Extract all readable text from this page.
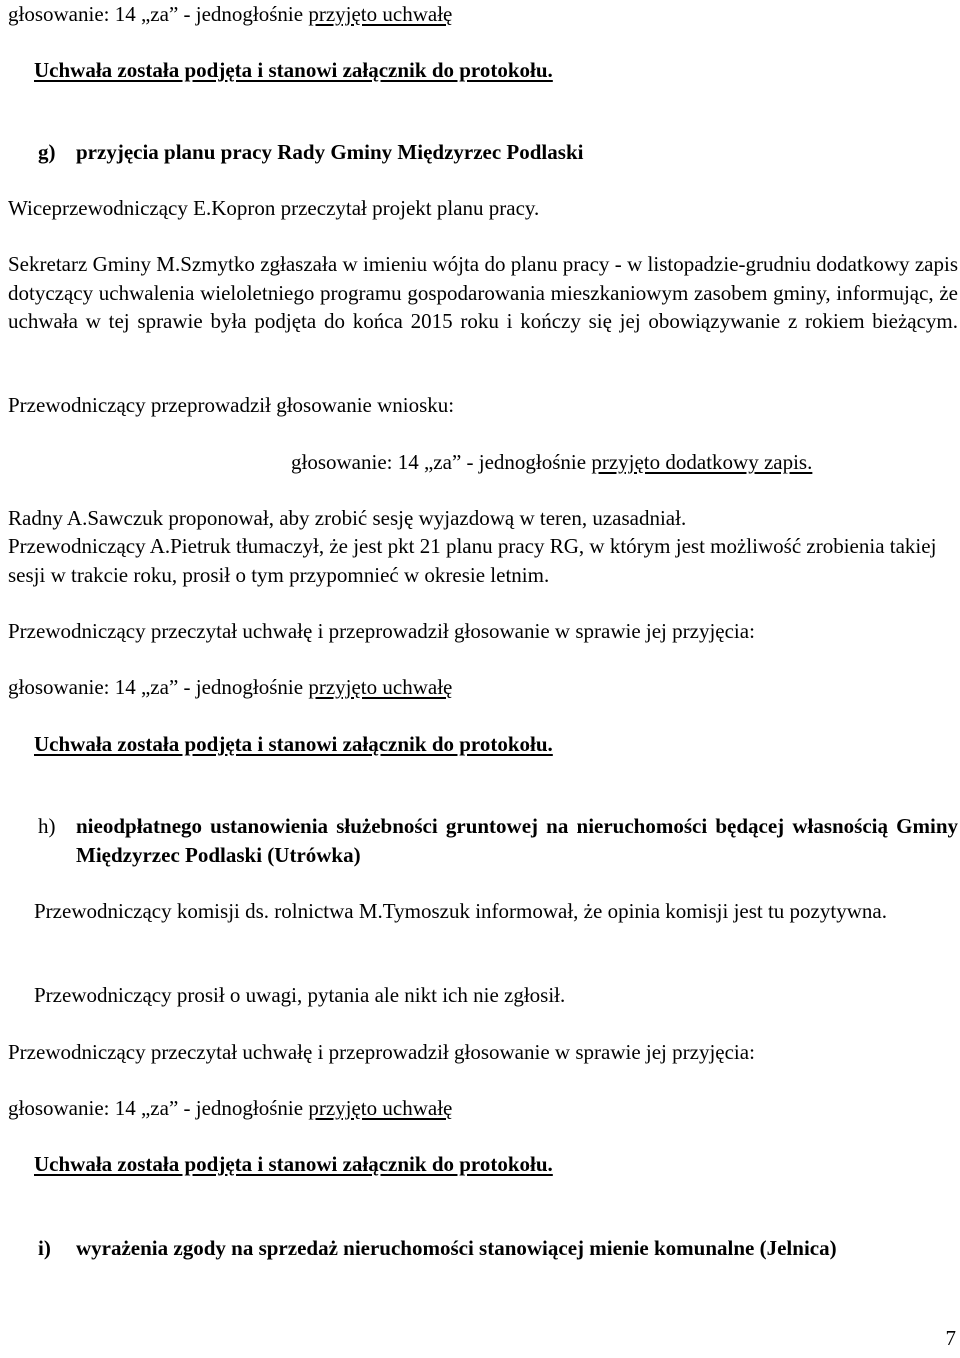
głosowanie: 14 „za” - jednogłośnie przyjęto uchwałę

Uchwała została podjęta i stanowi załącznik do protokołu.

g) przyjęcia planu pracy Rady Gminy Międzyrzec Podlaski

Wiceprzewodniczący E.Kopron przeczytał projekt planu pracy.

Sekretarz Gminy M.Szmytko zgłaszała w imieniu wójta do planu pracy - w listopadzie-grudniu dodatkowy zapis dotyczący uchwalenia wieloletniego programu gospodarowania mieszkaniowym zasobem gminy, informując, że uchwała w tej sprawie była podjęta do końca 2015 roku i kończy się jej obowiązywanie z rokiem bieżącym.

Przewodniczący przeprowadził głosowanie wniosku:

głosowanie: 14 „za” - jednogłośnie przyjęto dodatkowy zapis.

Radny A.Sawczuk proponował, aby zrobić sesję wyjazdową w teren, uzasadniał.

Przewodniczący A.Pietruk tłumaczył, że jest pkt 21 planu pracy RG, w którym jest możliwość zrobienia takiej sesji w trakcie roku, prosił o tym przypomnieć w okresie letnim.

Przewodniczący przeczytał uchwałę i przeprowadził głosowanie w sprawie jej przyjęcia:

głosowanie: 14 „za” - jednogłośnie przyjęto uchwałę

Uchwała została podjęta i stanowi załącznik do protokołu.

h) nieodpłatnego ustanowienia służebności gruntowej na nieruchomości będącej własnością Gminy Międzyrzec Podlaski (Utrówka)

Przewodniczący komisji ds. rolnictwa M.Tymoszuk informował, że opinia komisji jest tu pozytywna.

Przewodniczący prosił o uwagi, pytania ale nikt ich nie zgłosił.

Przewodniczący przeczytał uchwałę i przeprowadził głosowanie w sprawie jej przyjęcia:

głosowanie: 14 „za” - jednogłośnie przyjęto uchwałę

Uchwała została podjęta i stanowi załącznik do protokołu.

i)	wyrażenia zgody na sprzedaż nieruchomości stanowiącej mienie komunalne (Jelnica)

7
